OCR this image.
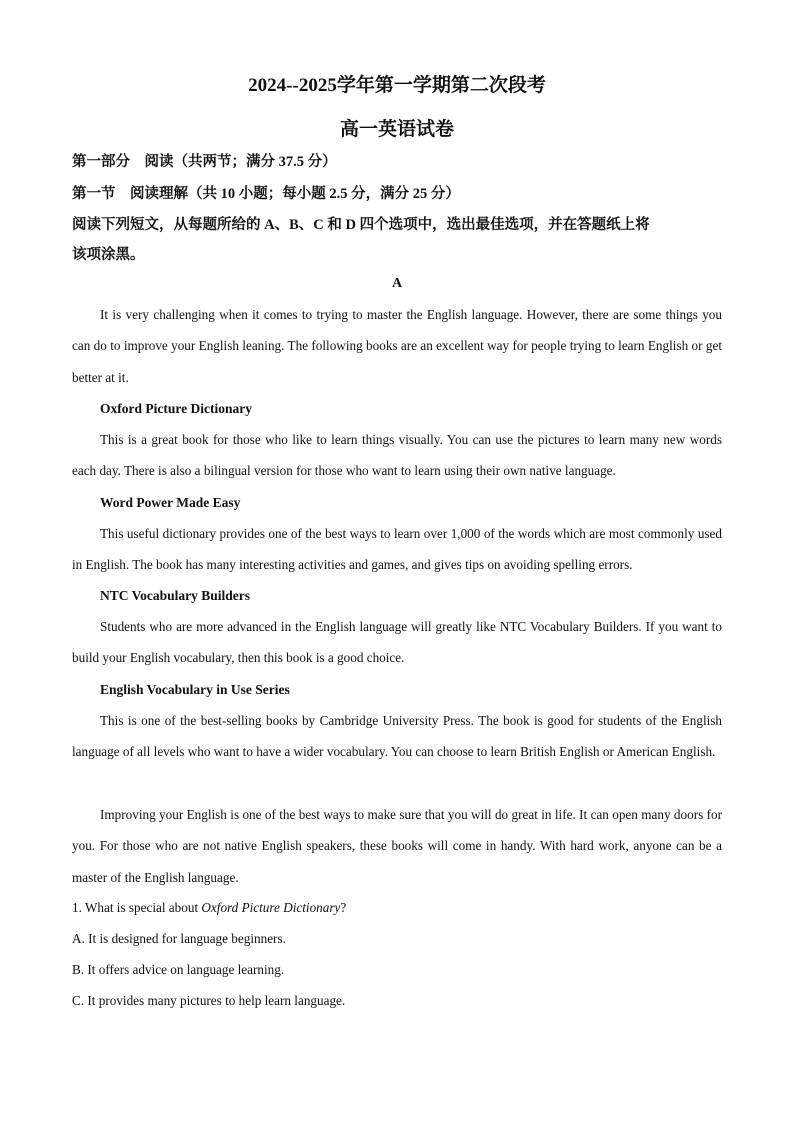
2024--2025学年第一学期第二次段考
高一英语试卷
第一部分　阅读（共两节；满分 37.5 分）
第一节　阅读理解（共 10 小题；每小题 2.5 分，满分 25 分）
阅读下列短文，从每题所给的 A、B、C 和 D 四个选项中，选出最佳选项，并在答题纸上将
该项涂黑。
A
It is very challenging when it comes to trying to master the English language. However, there are some things you can do to improve your English leaning. The following books are an excellent way for people trying to learn English or get better at it.
Oxford Picture Dictionary
This is a great book for those who like to learn things visually. You can use the pictures to learn many new words each day. There is also a bilingual version for those who want to learn using their own native language.
Word Power Made Easy
This useful dictionary provides one of the best ways to learn over 1,000 of the words which are most commonly used in English. The book has many interesting activities and games, and gives tips on avoiding spelling errors.
NTC Vocabulary Builders
Students who are more advanced in the English language will greatly like NTC Vocabulary Builders. If you want to build your English vocabulary, then this book is a good choice.
English Vocabulary in Use Series
This is one of the best-selling books by Cambridge University Press. The book is good for students of the English language of all levels who want to have a wider vocabulary. You can choose to learn British English or American English.
Improving your English is one of the best ways to make sure that you will do great in life. It can open many doors for you. For those who are not native English speakers, these books will come in handy. With hard work, anyone can be a master of the English language.
1. What is special about Oxford Picture Dictionary?
A. It is designed for language beginners.
B. It offers advice on language learning.
C. It provides many pictures to help learn language.
